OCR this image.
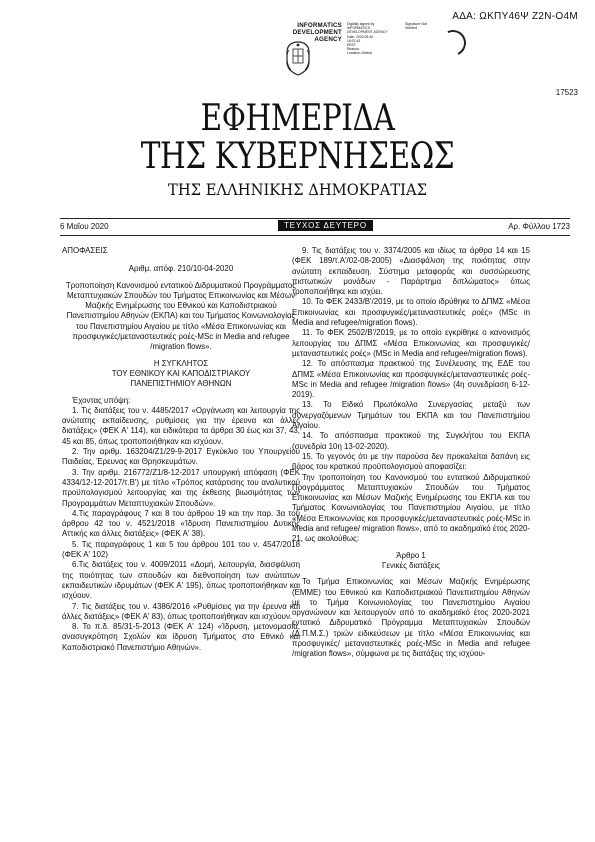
ΑΔΑ: ΩΚΠΥ46Ψ Ζ2Ν-Ο4Μ
INFORMATICS
DEVELOPMENT
AGENCY
Digitally signed by
INFORMATICS
DEVELOPMENT AGENCY
Date: 2020.05.06
18:07:43
EEST
Reason:
Location: Athens
Signature Not
Verified
17523
ΕΦΗΜΕΡΙΔΑ
ΤΗΣ ΚΥΒΕΡΝΗΣΕΩΣ
ΤΗΣ ΕΛΛΗΝΙΚΗΣ ΔΗΜΟΚΡΑΤΙΑΣ
6 Μαΐου 2020	ΤΕΥΧΟΣ ΔΕΥΤΕΡΟ	Αρ. Φύλλου 1723

ΑΠΟΦΑΣΕΙΣ

Αριθμ. απόφ. 210/10-04-2020

Τροποποίηση Κανονισμού εντατικού Διδρυματικού Προγράμματος Μεταπτυχιακών Σπουδών του Τμήματος Επικοινωνίας και Μέσων Μαζικής Ενημέρωσης του Εθνικού και Καποδιστριακού Πανεπιστημίου Αθηνών (ΕΚΠΑ) και του Τμήματος Κοινωνιολογίας του Πανεπιστημίου Αιγαίου με τίτλο «Μέσα Επικοινωνίας και προσφυγικές/μεταναστευτικές ροές-MSc in Media and refugee /migration flows».

Η ΣΥΓΚΛΗΤΟΣ

ΤΟΥ ΕΘΝΙΚΟΥ ΚΑΙ ΚΑΠΟΔΙΣΤΡΙΑΚΟΥ

ΠΑΝΕΠΙΣΤΗΜΙΟΥ ΑΘΗΝΩΝ

Έχοντας υπόψη:

1. Τις διατάξεις του ν. 4485/2017 «Οργάνωση και λειτουργία της ανώτατης εκπαίδευσης, ρυθμίσεις για την έρευνα και άλλες διατάξεις» (ΦΕΚ Α' 114), και ειδικότερα τα άρθρα 30 έως και 37, 43, 45 και 85, όπως τροποποιήθηκαν και ισχύουν.

2. Την αριθμ. 163204/Ζ1/29-9-2017 Εγκύκλιο του Υπουργείου Παιδείας, Έρευνας και Θρησκευμάτων.

3. Την αριθμ. 216772/Ζ1/8-12-2017 υπουργική απόφαση (ΦΕΚ 4334/12-12-2017/τ.Β') με τίτλο «Τρόπος κατάρτισης του αναλυτικού προϋπολογισμού λειτουργίας και της έκθεσης βιωσιμότητας των Προγραμμάτων Μεταπτυχιακών Σπουδών».

4.Τις παραγράφους 7 και 8 του άρθρου 19 και την παρ. 3α του άρθρου 42 του ν. 4521/2018 «Ίδρυση Πανεπιστημίου Δυτικής Αττικής και άλλες διατάξεις» (ΦΕΚ Α' 38).

5. Τις παραγράφους 1 και 5 του άρθρου 101 του ν. 4547/2018 (ΦΕΚ Α' 102)

6.Τις διατάξεις του ν. 4009/2011 «Δομή, λειτουργία, διασφάλιση της ποιότητας των σπουδών και διεθνοποίηση των ανώτατων εκπαιδευτικών ιδρυμάτων (ΦΕΚ Α' 195), όπως τροποποιήθηκαν και ισχύουν.

7. Τις διατάξεις του ν. 4386/2016 «Ρυθμίσεις για την έρευνα και άλλες διατάξεις» (ΦΕΚ Α' 83), όπως τροποποιήθηκαν και ισχύουν.

8. Το π.δ. 85/31-5-2013 (ΦΕΚ Α' 124) «Ίδρυση, μετονομασία, ανασυγκρότηση Σχολών και ίδρυση Τμήματος στο Εθνικό και Καποδιστριακό Πανεπιστήμιο Αθηνών».

9. Τις διατάξεις του ν. 3374/2005 και ιδίως τα άρθρα 14 και 15 (ΦΕΚ 189/τ.Α'/02-08-2005) «Διασφάλιση της ποιότητας στην ανώτατη εκπαίδευση. Σύστημα μεταφοράς και συσσώρευσης πιστωτικών μονάδων - Παράρτημα διπλώματος» όπως τροποποιήθηκε και ισχύει.

10. Το ΦΕΚ 2433/Β'/2019, με το οποίο ιδρύθηκε το ΔΠΜΣ «Μέσα Επικοινωνίας και προσφυγικές/μεταναστευτικές ροές» (MSc in Media and refugee/migration flows).

11. Το ΦΕΚ 2502/Β'/2019, με το οποίο εγκρίθηκε ο κανονισμός λειτουργίας του ΔΠΜΣ «Μέσα Επικοινωνίας και προσφυγικές/μεταναστευτικές ροές» (MSc in Media and refugee/migration flows).

12. Το απόσπασμα πρακτικού της Συνέλευσης της ΕΔΕ του ΔΠΜΣ «Μέσα Επικοινωνίας και προσφυγικές/μεταναστευτικές ροές-MSc in Media and refugee /migration flows» (4η συνεδρίαση 6-12-2019).

13. Το Ειδικό Πρωτόκολλο Συνεργασίας μεταξύ των συνεργαζόμενων Τμημάτων του ΕΚΠΑ και του Πανεπιστημίου Αιγαίου.

14. Το απόσπασμα πρακτικού της Συγκλήτου του ΕΚΠΑ (συνεδρία 10η 13-02-2020).

15. Το γεγονός ότι με την παρούσα δεν προκαλείται δαπάνη εις βάρος του κρατικού προϋπολογισμού αποφασίζει:

Την τροποποίηση του Κανονισμού του εντατικού Διδρυματικού Προγράμματος Μεταπτυχιακών Σπουδών του Τμήματος Επικοινωνίας και Μέσων Μαζικής Ενημέρωσης του ΕΚΠΑ και του Τμήματος Κοινωνιολογίας του Πανεπιστημίου Αιγαίου, με τίτλο «Μέσα Επικοινωνίας και προσφυγικές/μεταναστευτικές ροές-MSc in Media and refugee/ migration flows», από το ακαδημαϊκό έτος 2020-21, ως ακολούθως:

Άρθρο 1

Γενικές διατάξεις

Το Τμήμα Επικοινωνίας και Μέσων Μαζικής Ενημέρωσης (ΕΜΜΕ) του Εθνικού και Καποδιστριακού Πανεπιστημίου Αθηνών με το Τμήμα Κοινωνιολογίας του Πανεπιστημίου Αιγαίου οργανώνουν και λειτουργούν από το ακαδημαϊκό έτος 2020-2021 εντατικό Διδρυματικό Πρόγραμμα Μεταπτυχιακών Σπουδών (Δ.Π.Μ.Σ.) τριών ειδικεύσεων με τίτλο «Μέσα Επικοινωνίας και προσφυγικές/ μεταναστευτικές ροές-MSc in Media and refugee /migration flows», σύμφωνα με τις διατάξεις της ισχύου-
